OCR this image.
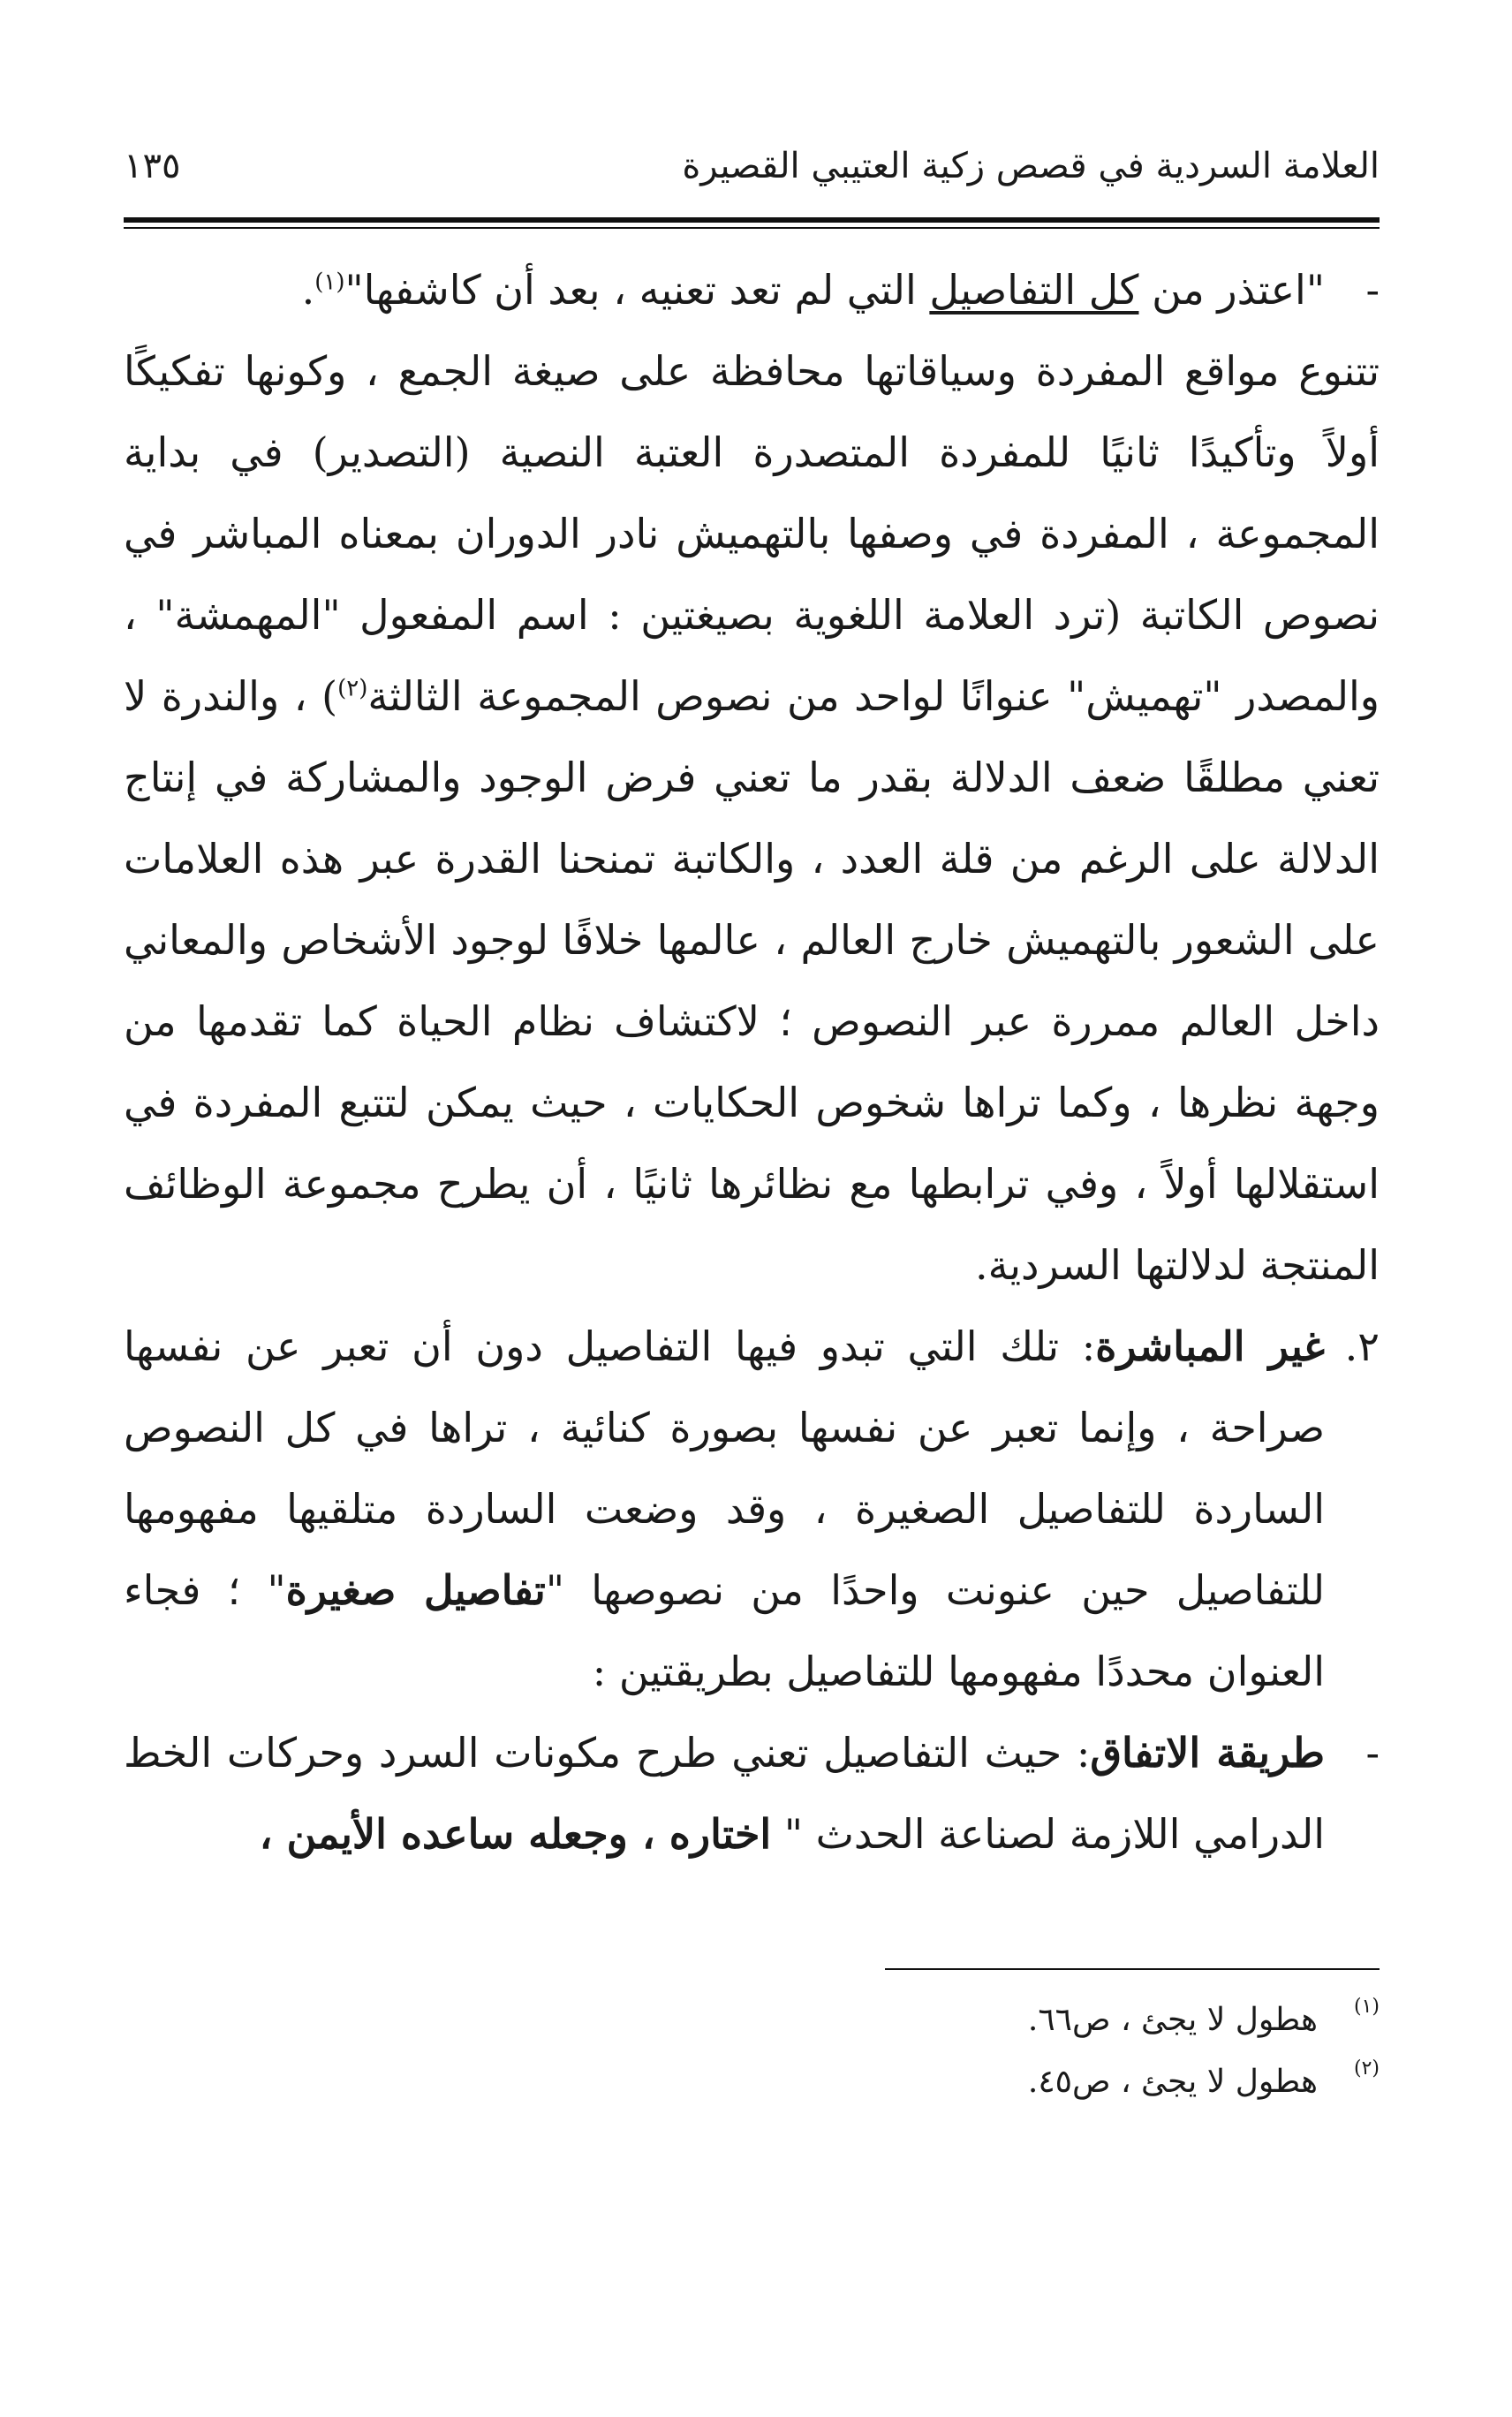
العلامة السردية في قصص زكية العتيبي القصيرة
١٣٥
-
"اعتذر من كل التفاصيل التي لم تعد تعنيه ، بعد أن كاشفها"$^{(١)}$.

تتنوع مواقع المفردة وسياقاتها محافظة على صيغة الجمع ، وكونها تفكيكًا أولاً وتأكيدًا ثانيًا للمفردة المتصدرة العتبة النصية (التصدير) في بداية المجموعة ، المفردة في وصفها بالتهميش نادر الدوران بمعناه المباشر في نصوص الكاتبة (ترد العلامة اللغوية بصيغتين : اسم المفعول "المهمشة" ، والمصدر "تهميش" عنوانًا لواحد من نصوص المجموعة الثالثة$^{(٢)}$) ، والندرة لا تعني مطلقًا ضعف الدلالة بقدر ما تعني فرض الوجود والمشاركة في إنتاج الدلالة على الرغم من قلة العدد ، والكاتبة تمنحنا القدرة عبر هذه العلامات على الشعور بالتهميش خارج العالم ، عالمها خلافًا لوجود الأشخاص والمعاني داخل العالم ممررة عبر النصوص ؛ لاكتشاف نظام الحياة كما تقدمها من وجهة نظرها ، وكما تراها شخوص الحكايات ، حيث يمكن لتتبع المفردة في استقلالها أولاً ، وفي ترابطها مع نظائرها ثانيًا ، أن يطرح مجموعة الوظائف المنتجة لدلالتها السردية.

٢.
غير المباشرة: تلك التي تبدو فيها التفاصيل دون أن تعبر عن نفسها صراحة ، وإنما تعبر عن نفسها بصورة كنائية ، تراها في كل النصوص الساردة للتفاصيل الصغيرة ، وقد وضعت الساردة متلقيها مفهومها للتفاصيل حين عنونت واحدًا من نصوصها "تفاصيل صغيرة" ؛ فجاء العنوان محددًا مفهومها للتفاصيل بطريقتين :
-
طريقة الاتفاق: حيث التفاصيل تعني طرح مكونات السرد وحركات الخط الدرامي اللازمة لصناعة الحدث " اختاره ، وجعله ساعده الأيمن ،
(١)
هطول لا يجئ ، ص٦٦.
(٢)
هطول لا يجئ ، ص٤٥.
